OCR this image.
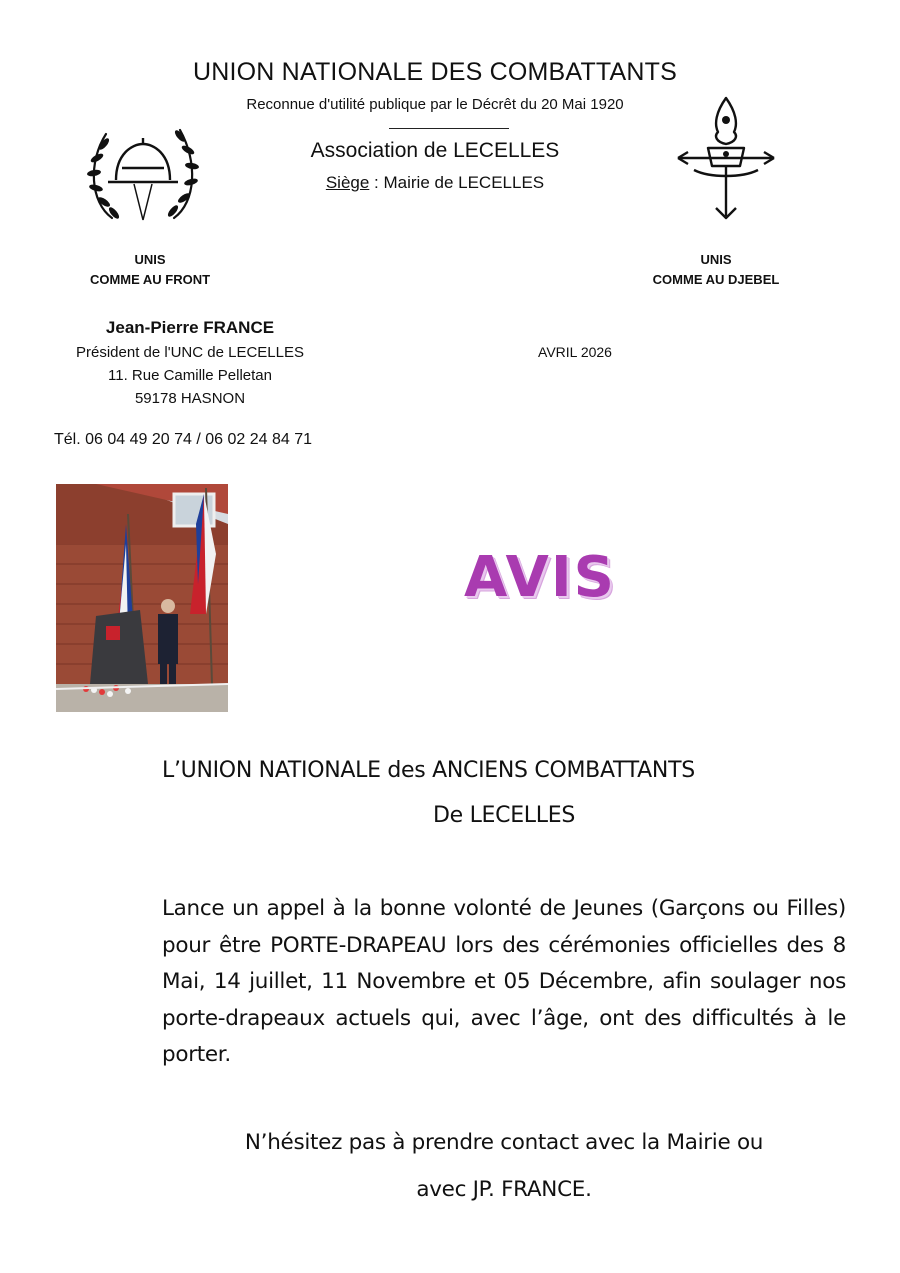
UNION NATIONALE DES COMBATTANTS
Reconnue d'utilité publique par le Décrêt du 20 Mai 1920
Association de LECELLES
Siège : Mairie de LECELLES
UNIS
COMME AU FRONT
UNIS
COMME AU DJEBEL
Jean-Pierre FRANCE
Président de l'UNC de LECELLES
11. Rue Camille Pelletan
59178 HASNON
Tél. 06 04 49 20 74 / 06 02 24 84 71
AVRIL 2026
AVIS
L’UNION NATIONALE des ANCIENS COMBATTANTS
De LECELLES

Lance un appel à la bonne volonté de Jeunes (Garçons ou Filles) pour être PORTE-DRAPEAU lors des cérémonies officielles des 8 Mai, 14 juillet, 11 Novembre et 05 Décembre, afin soulager nos porte-drapeaux actuels qui, avec l’âge, ont des difficultés à le porter.

N’hésitez pas à prendre contact avec la Mairie ou
avec JP. FRANCE.
